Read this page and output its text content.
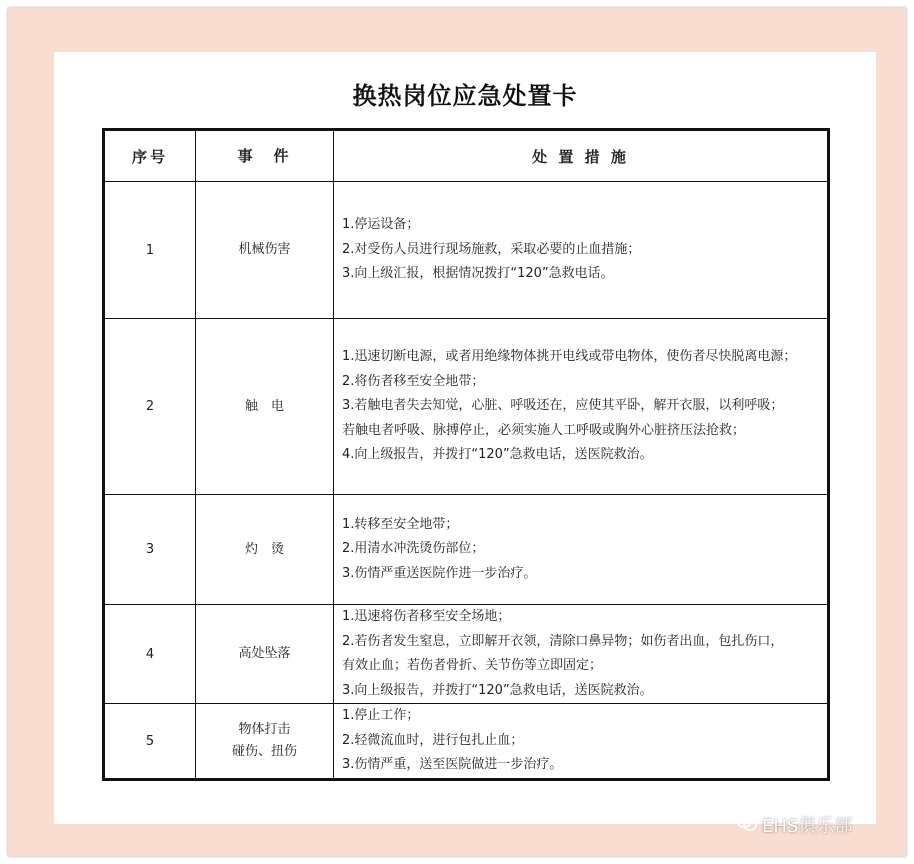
换热岗位应急处置卡
序号	事　件	处 置 措 施
1	机械伤害	1.停运设备；
2.对受伤人员进行现场施救，采取必要的止血措施；
3.向上级汇报，根据情况拨打“120”急救电话。

2	触　电	1.迅速切断电源，或者用绝缘物体挑开电线或带电物体，使伤者尽快脱离电源；
2.将伤者移至安全地带；
3.若触电者失去知觉，心脏、呼吸还在，应使其平卧，解开衣服，以利呼吸；
若触电者呼吸、脉搏停止，必须实施人工呼吸或胸外心脏挤压法抢救；
4.向上级报告，并拨打“120”急救电话，送医院救治。

3	灼　烫	1.转移至安全地带；
2.用清水冲洗烫伤部位；
3.伤情严重送医院作进一步治疗。

4	高处坠落	1.迅速将伤者移至安全场地；
2.若伤者发生窒息，立即解开衣领，清除口鼻异物；如伤者出血，包扎伤口，
有效止血；若伤者骨折、关节伤等立即固定；
3.向上级报告，并拨打“120”急救电话，送医院救治。

5	物体打击
碰伤、扭伤	1.停止工作；
2.轻微流血时，进行包扎止血；
3.伤情严重，送至医院做进一步治疗。
EHS俱乐部
